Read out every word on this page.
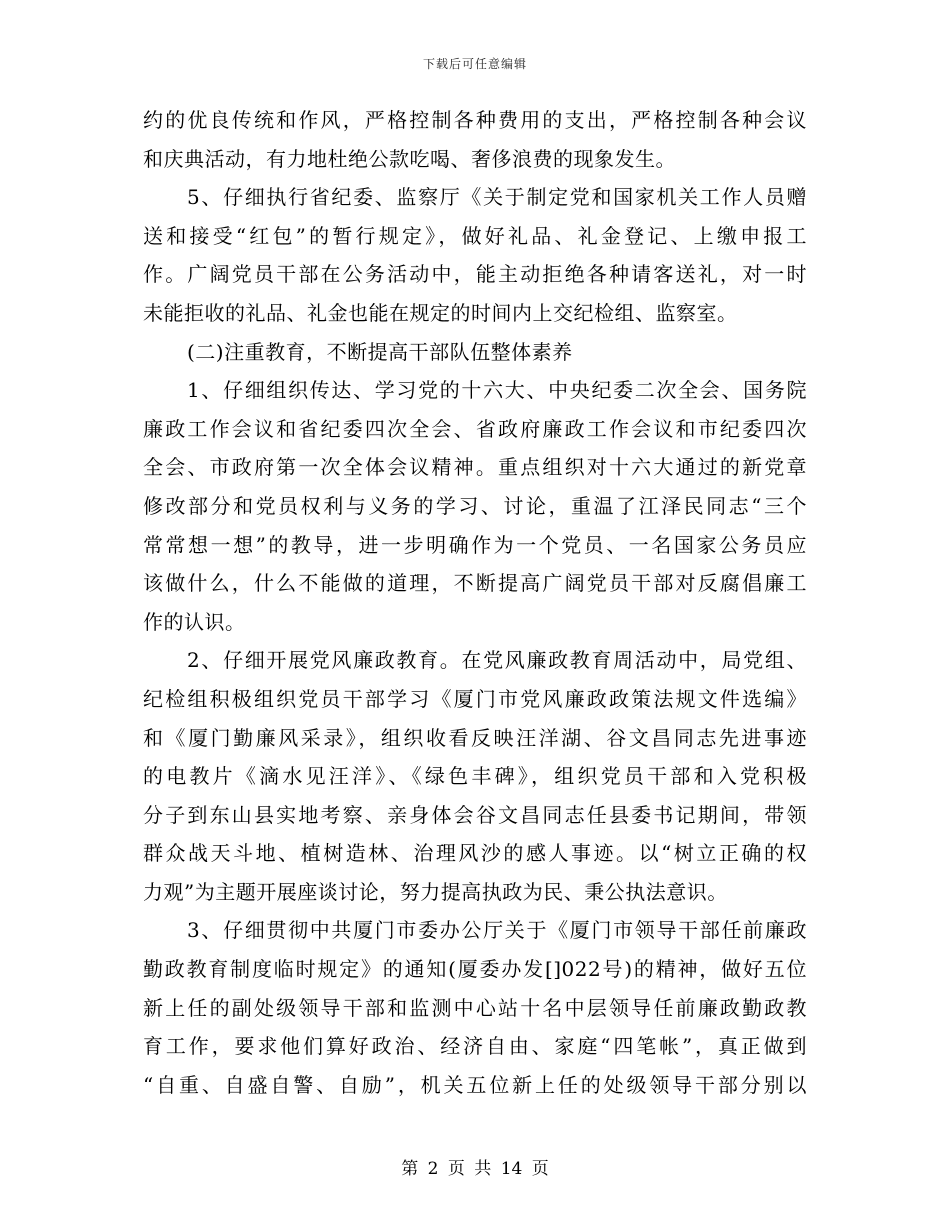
下载后可任意编辑
约的优良传统和作风，严格控制各种费用的支出，严格控制各种会议
和庆典活动，有力地杜绝公款吃喝、奢侈浪费的现象发生。
5、仔细执行省纪委、监察厅《关于制定党和国家机关工作人员赠
送和接受“红包”的暂行规定》，做好礼品、礼金登记、上缴申报工
作。广阔党员干部在公务活动中，能主动拒绝各种请客送礼，对一时
未能拒收的礼品、礼金也能在规定的时间内上交纪检组、监察室。
(二)注重教育，不断提高干部队伍整体素养
1、仔细组织传达、学习党的十六大、中央纪委二次全会、国务院
廉政工作会议和省纪委四次全会、省政府廉政工作会议和市纪委四次
全会、市政府第一次全体会议精神。重点组织对十六大通过的新党章
修改部分和党员权利与义务的学习、讨论，重温了江泽民同志“三个
常常想一想”的教导，进一步明确作为一个党员、一名国家公务员应
该做什么，什么不能做的道理，不断提高广阔党员干部对反腐倡廉工
作的认识。
2、仔细开展党风廉政教育。在党风廉政教育周活动中，局党组、
纪检组积极组织党员干部学习《厦门市党风廉政政策法规文件选编》
和《厦门勤廉风采录》，组织收看反映汪洋湖、谷文昌同志先进事迹
的电教片《滴水见汪洋》、《绿色丰碑》，组织党员干部和入党积极
分子到东山县实地考察、亲身体会谷文昌同志任县委书记期间，带领
群众战天斗地、植树造林、治理风沙的感人事迹。以“树立正确的权
力观”为主题开展座谈讨论，努力提高执政为民、秉公执法意识。
3、仔细贯彻中共厦门市委办公厅关于《厦门市领导干部任前廉政
勤政教育制度临时规定》的通知(厦委办发[]022号)的精神，做好五位
新上任的副处级领导干部和监测中心站十名中层领导任前廉政勤政教
育工作，要求他们算好政治、经济自由、家庭“四笔帐”，真正做到
“自重、自盛自警、自励”，机关五位新上任的处级领导干部分别以
第 2 页 共 14 页
